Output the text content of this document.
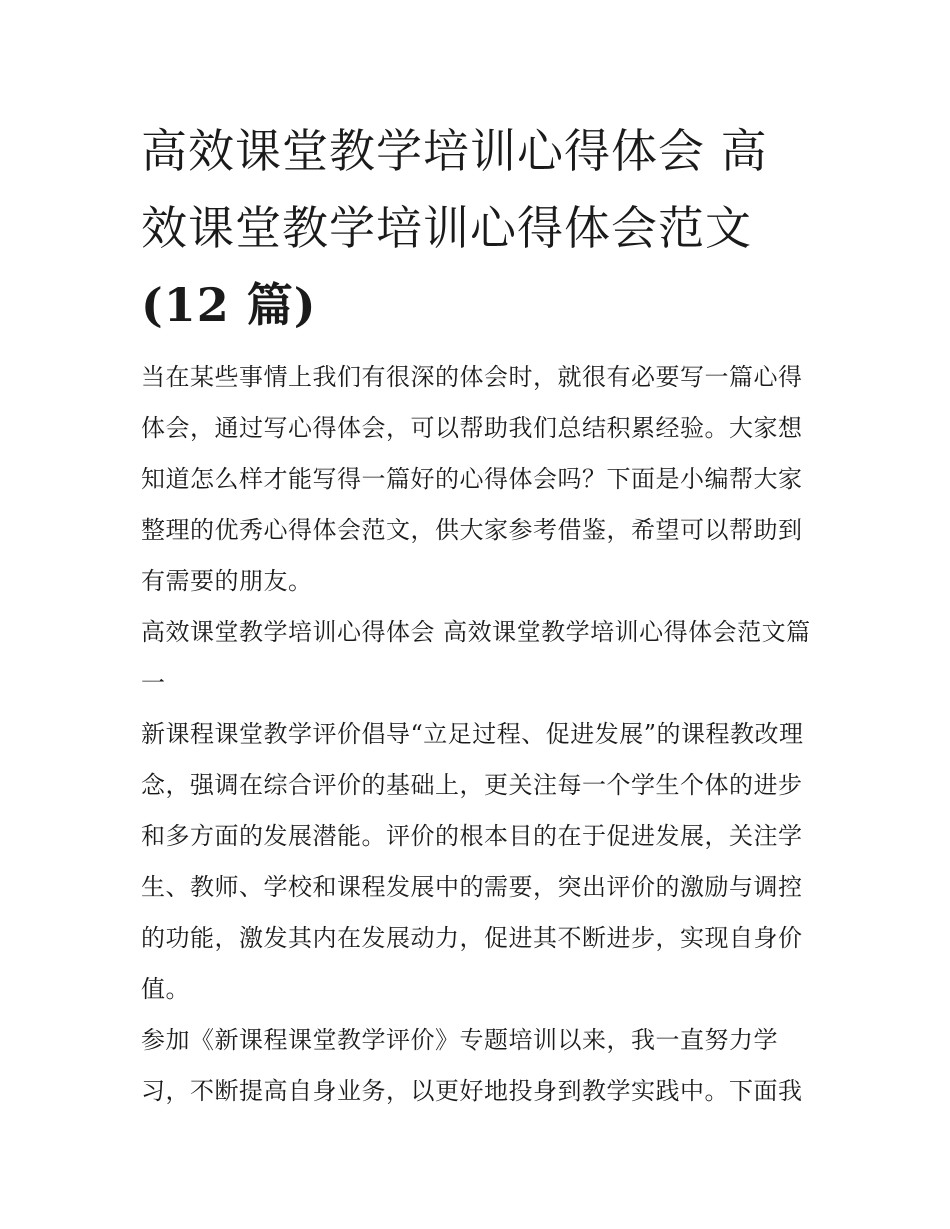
高效课堂教学培训心得体会 高效课堂教学培训心得体会范文(12 篇)

当在某些事情上我们有很深的体会时，就很有必要写一篇心得体会，通过写心得体会，可以帮助我们总结积累经验。大家想知道怎么样才能写得一篇好的心得体会吗？下面是小编帮大家整理的优秀心得体会范文，供大家参考借鉴，希望可以帮助到有需要的朋友。

高效课堂教学培训心得体会 高效课堂教学培训心得体会范文篇一

新课程课堂教学评价倡导“立足过程、促进发展”的课程教改理念，强调在综合评价的基础上，更关注每一个学生个体的进步和多方面的发展潜能。评价的根本目的在于促进发展，关注学生、教师、学校和课程发展中的需要，突出评价的激励与调控的功能，激发其内在发展动力，促进其不断进步，实现自身价值。

参加《新课程课堂教学评价》专题培训以来，我一直努力学习，不断提高自身业务，以更好地投身到教学实践中。下面我
